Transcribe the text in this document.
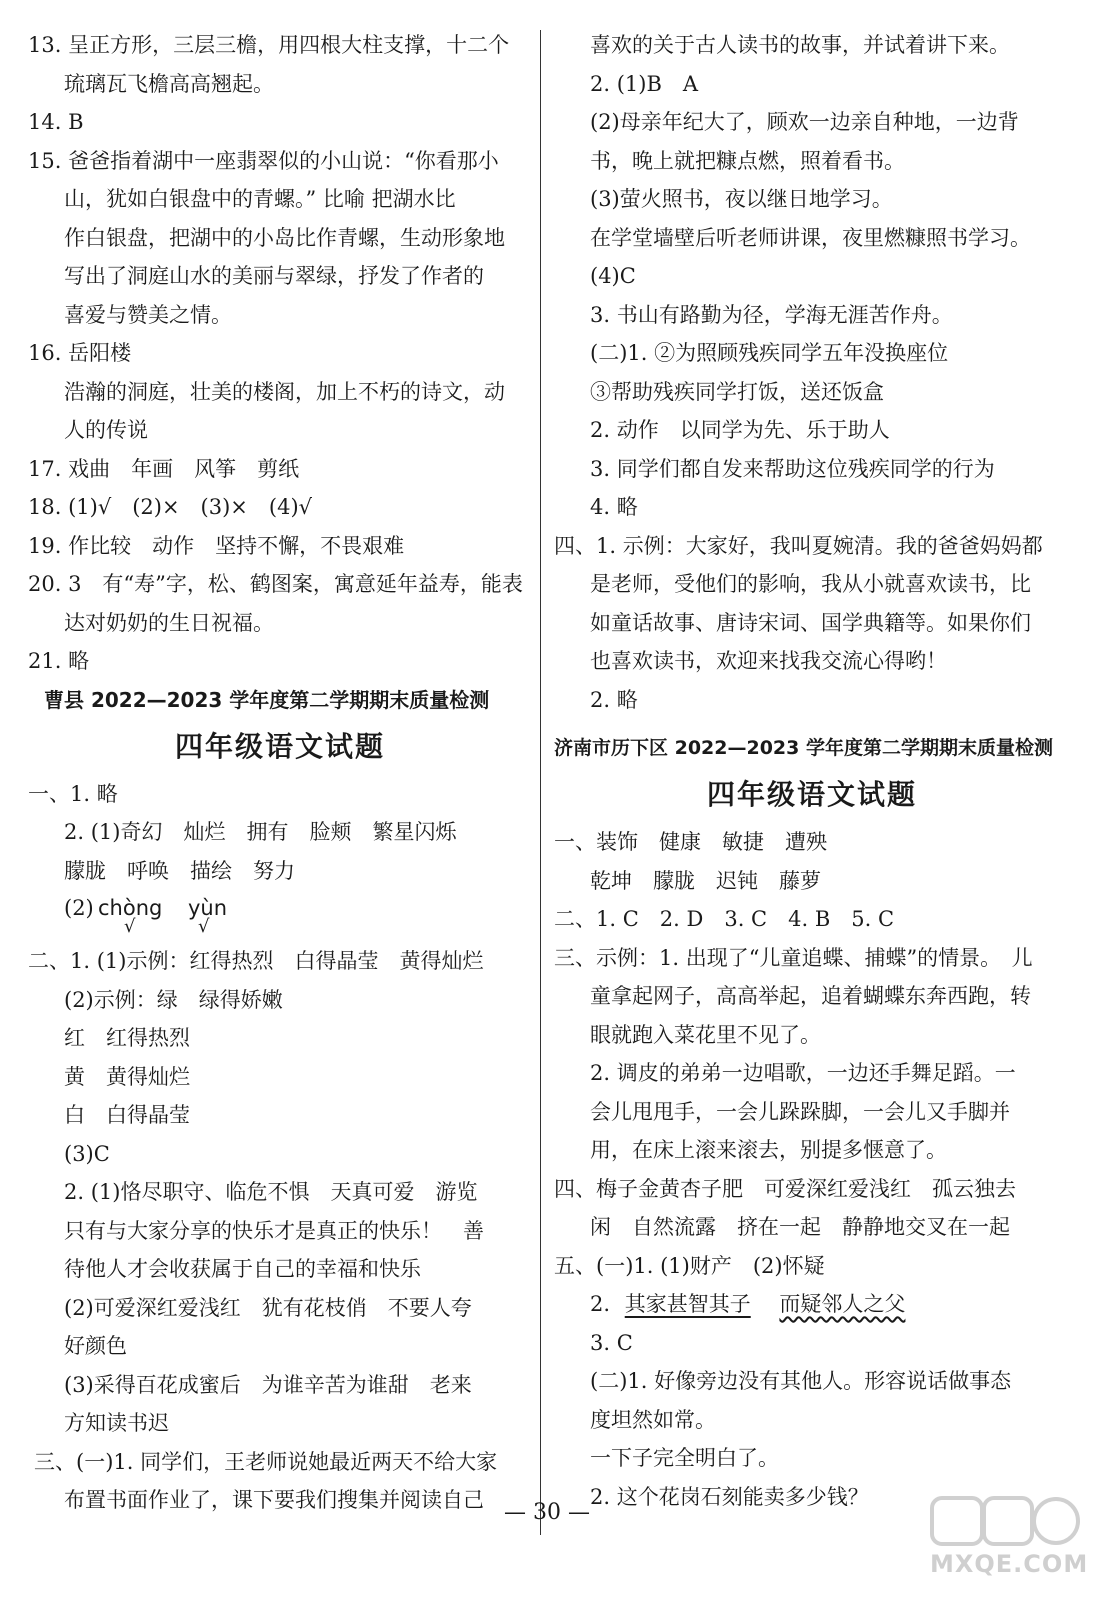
13. 呈正方形，三层三檐，用四根大柱支撑，十二个
琉璃瓦飞檐高高翘起。
14. B
15. 爸爸指着湖中一座翡翠似的小山说：“你看那小
山，犹如白银盘中的青螺。” 比喻 把湖水比
作白银盘，把湖中的小岛比作青螺，生动形象地
写出了洞庭山水的美丽与翠绿，抒发了作者的
喜爱与赞美之情。
16. 岳阳楼
浩瀚的洞庭，壮美的楼阁，加上不朽的诗文，动
人的传说
17. 戏曲　年画　风筝　剪纸
18. (1)√　(2)×　(3)×　(4)√
19. 作比较　动作　坚持不懈，不畏艰难
20. 3　有“寿”字，松、鹤图案，寓意延年益寿，能表
达对奶奶的生日祝福。
21. 略
曹县 2022—2023 学年度第二学期期末质量检测
四年级语文试题
一、1. 略
2. (1)奇幻　灿烂　拥有　脸颊　繁星闪烁
朦胧　呼唤　描绘　努力
(2) chòng yùn
√	√
二、1. (1)示例：红得热烈　白得晶莹　黄得灿烂
(2)示例：绿　绿得娇嫩
红　红得热烈
黄　黄得灿烂
白　白得晶莹
(3)C
2. (1)恪尽职守、临危不惧　天真可爱　游览
只有与大家分享的快乐才是真正的快乐！　善
待他人才会收获属于自己的幸福和快乐
(2)可爱深红爱浅红　犹有花枝俏　不要人夸
好颜色
(3)采得百花成蜜后　为谁辛苦为谁甜　老来
方知读书迟
三、(一)1. 同学们，王老师说她最近两天不给大家
布置书面作业了，课下要我们搜集并阅读自己
喜欢的关于古人读书的故事，并试着讲下来。
2. (1)B　A
(2)母亲年纪大了，顾欢一边亲自种地，一边背
书，晚上就把糠点燃，照着看书。
(3)萤火照书，夜以继日地学习。
在学堂墙壁后听老师讲课，夜里燃糠照书学习。
(4)C
3. 书山有路勤为径，学海无涯苦作舟。
(二)1. ②为照顾残疾同学五年没换座位
③帮助残疾同学打饭，送还饭盒
2. 动作　以同学为先、乐于助人
3. 同学们都自发来帮助这位残疾同学的行为
4. 略
四、1. 示例：大家好，我叫夏婉清。我的爸爸妈妈都
是老师，受他们的影响，我从小就喜欢读书，比
如童话故事、唐诗宋词、国学典籍等。如果你们
也喜欢读书，欢迎来找我交流心得哟！
2. 略
济南市历下区 2022—2023 学年度第二学期期末质量检测
四年级语文试题
一、装饰　健康　敏捷　遭殃
乾坤　朦胧　迟钝　藤萝
二、1. C　2. D　3. C　4. B　5. C
三、示例：1. 出现了“儿童追蝶、捕蝶”的情景。　儿
童拿起网子，高高举起，追着蝴蝶东奔西跑，转
眼就跑入菜花里不见了。
2. 调皮的弟弟一边唱歌，一边还手舞足蹈。一
会儿甩甩手，一会儿跺跺脚，一会儿又手脚并
用，在床上滚来滚去，别提多惬意了。
四、梅子金黄杏子肥　可爱深红爱浅红　孤云独去
闲　自然流露　挤在一起　静静地交叉在一起
五、(一)1. (1)财产　(2)怀疑
2. 其家甚智其子 而疑邻人之父
3. C
(二)1. 好像旁边没有其他人。形容说话做事态
度坦然如常。
一下子完全明白了。
2. 这个花岗石刻能卖多少钱？
— 30 —
MXQE.COM
